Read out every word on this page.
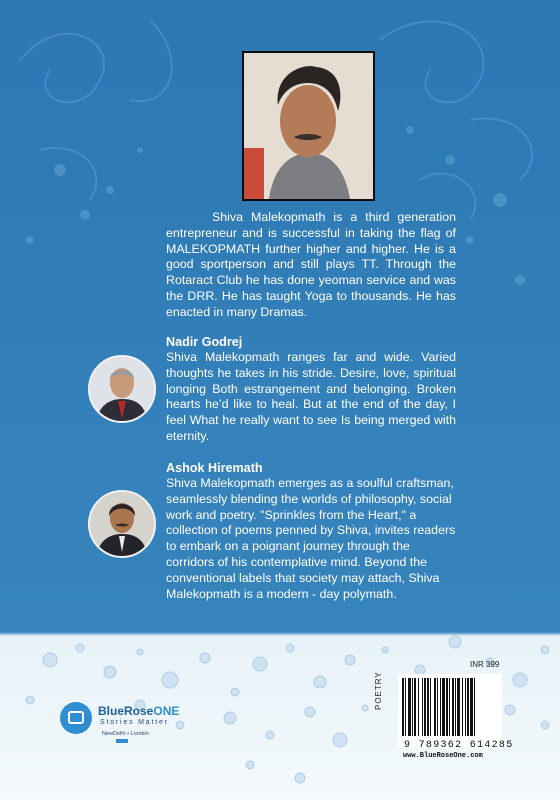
Shiva Malekopmath is a third generation entrepreneur and is successful in taking the flag of MALEKOPMATH further higher and higher. He is a good sportperson and still plays TT. Through the Rotaract Club he has done yeoman service and was the DRR. He has taught Yoga to thousands. He has enacted in many Dramas.
Nadir Godrej
Shiva Malekopmath ranges far and wide. Varied thoughts he takes in his stride. Desire, love, spiritual longing Both estrangement and belonging. Broken hearts he’d like to heal. But at the end of the day, I feel What he really want to see Is being merged with eternity.
Ashok Hiremath
Shiva Malekopmath emerges as a soulful craftsman, seamlessly blending the worlds of philosophy, social work and poetry. "Sprinkles from the Heart," a collection of poems penned by Shiva, invites readers to embark on a poignant journey through the corridors of his contemplative mind. Beyond the conventional labels that society may attach, Shiva Malekopmath is a modern - day polymath.
BlueRoseONE
Stories Matter
NewDelhi • London
INR 399
POETRY
9 789362 614285
www.BlueRoseOne.com
